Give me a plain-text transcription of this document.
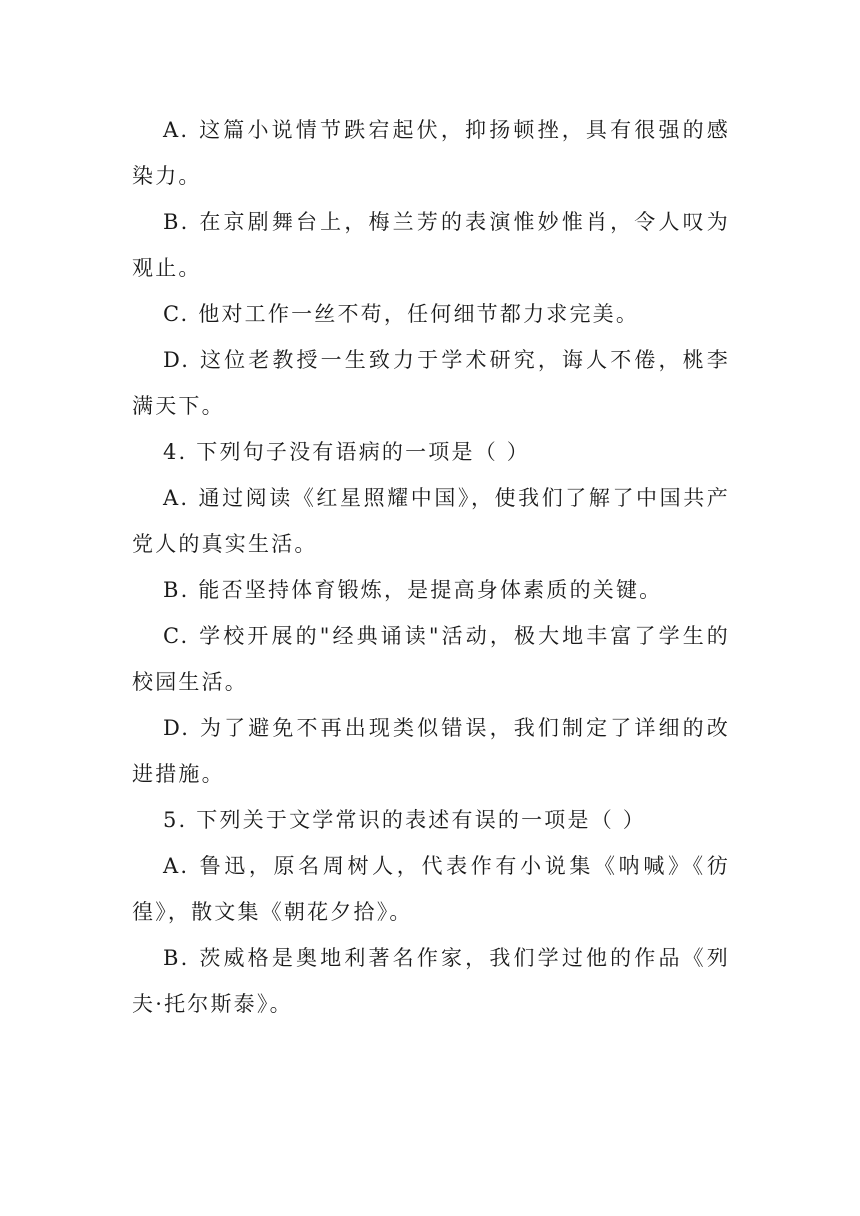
A. 这篇小说情节跌宕起伏，抑扬顿挫，具有很强的感染力。

B. 在京剧舞台上，梅兰芳的表演惟妙惟肖，令人叹为观止。

C. 他对工作一丝不苟，任何细节都力求完美。

D. 这位老教授一生致力于学术研究，诲人不倦，桃李满天下。

4. 下列句子没有语病的一项是（ ）

A. 通过阅读《红星照耀中国》，使我们了解了中国共产党人的真实生活。

B. 能否坚持体育锻炼，是提高身体素质的关键。

C. 学校开展的"经典诵读"活动，极大地丰富了学生的校园生活。

D. 为了避免不再出现类似错误，我们制定了详细的改进措施。

5. 下列关于文学常识的表述有误的一项是（ ）

A. 鲁迅，原名周树人，代表作有小说集《呐喊》《彷徨》，散文集《朝花夕拾》。

B. 茨威格是奥地利著名作家，我们学过他的作品《列夫·托尔斯泰》。
